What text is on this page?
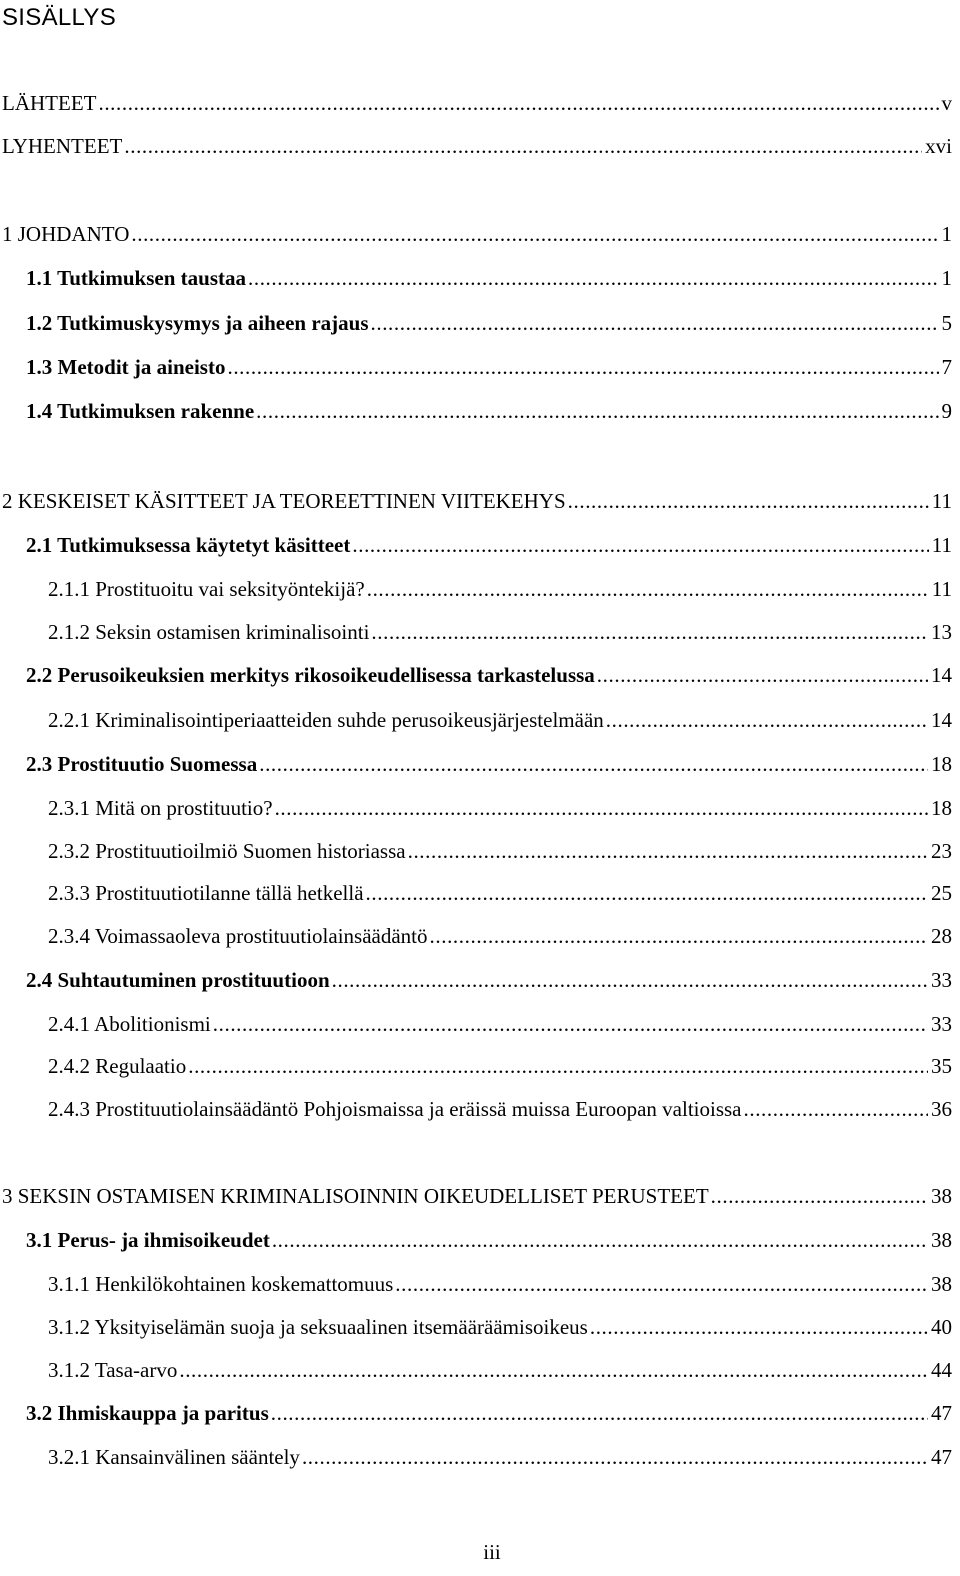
SISÄLLYS
LÄHTEET .....	v
LYHENTEET .....	xvi
1 JOHDANTO .....	1
1.1 Tutkimuksen taustaa .....	1
1.2 Tutkimuskysymys ja aiheen rajaus .....	5
1.3 Metodit ja aineisto .....	7
1.4 Tutkimuksen rakenne .....	9
2 KESKEISET KÄSITTEET JA TEOREETTINEN VIITEKEHYS .....	11
2.1 Tutkimuksessa käytetyt käsitteet .....	11
2.1.1 Prostituoitu vai seksityöntekijä? .....	11
2.1.2 Seksin ostamisen kriminalisointi .....	13
2.2 Perusoikeuksien merkitys rikosoikeudellisessa tarkastelussa .....	14
2.2.1 Kriminalisointiperiaatteiden suhde perusoikeusjärjestelmään .....	14
2.3 Prostituutio Suomessa .....	18
2.3.1 Mitä on prostituutio? .....	18
2.3.2 Prostituutioilmiö Suomen historiassa .....	23
2.3.3 Prostituutiotilanne tällä hetkellä .....	25
2.3.4 Voimassaoleva prostituutiolainsäädäntö .....	28
2.4 Suhtautuminen prostituutioon .....	33
2.4.1 Abolitionismi .....	33
2.4.2 Regulaatio .....	35
2.4.3 Prostituutiolainsäädäntö Pohjoismaissa ja eräissä muissa Euroopan valtioissa .....	36
3 SEKSIN OSTAMISEN KRIMINALISOINNIN OIKEUDELLISET PERUSTEET .....	38
3.1 Perus- ja ihmisoikeudet .....	38
3.1.1 Henkilökohtainen koskemattomuus .....	38
3.1.2 Yksityiselämän suoja ja seksuaalinen itsemääräämisoikeus .....	40
3.1.2 Tasa-arvo .....	44
3.2 Ihmiskauppa ja paritus .....	47
3.2.1 Kansainvälinen sääntely .....	47
iii
